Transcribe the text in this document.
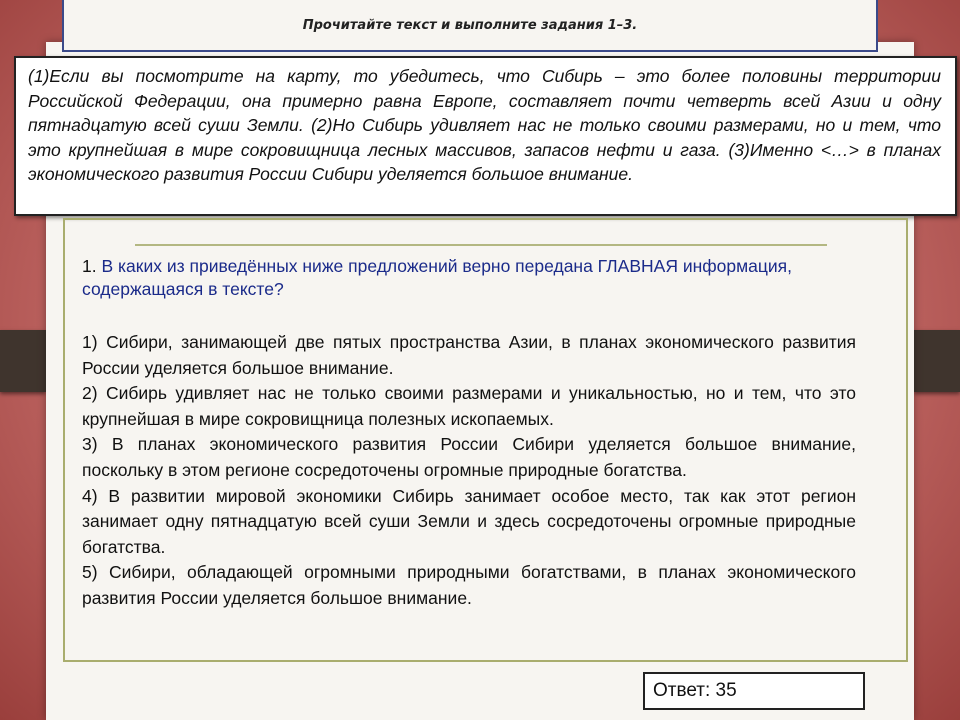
Прочитайте текст и выполните задания 1–3.

(1)Если вы посмотрите на карту, то убедитесь, что Сибирь – это более половины территории Российской Федерации, она примерно равна Европе, составляет почти четверть всей Азии и одну пятнадцатую всей суши Земли. (2)Но Сибирь удивляет нас не только своими размерами, но и тем, что это крупнейшая в мире сокровищница лесных массивов, запасов нефти и газа. (3)Именно <…> в планах экономического развития России Сибири уделяется большое внимание.

1. В каких из приведённых ниже предложений верно передана ГЛАВНАЯ информация, содержащаяся в тексте?
1) Сибири, занимающей две пятых пространства Азии, в планах экономического развития России уделяется большое внимание.
2) Сибирь удивляет нас не только своими размерами и уникальностью, но и тем, что это крупнейшая в мире сокровищница полезных ископаемых.
3) В планах экономического развития России Сибири уделяется большое внимание, поскольку в этом регионе сосредоточены огромные природные богатства.
4) В развитии мировой экономики Сибирь занимает особое место, так как этот регион занимает одну пятнадцатую всей суши Земли и здесь сосредоточены огромные природные богатства.
5) Сибири, обладающей огромными природными богатствами, в планах экономического развития России уделяется большое внимание.
Ответ: 35
